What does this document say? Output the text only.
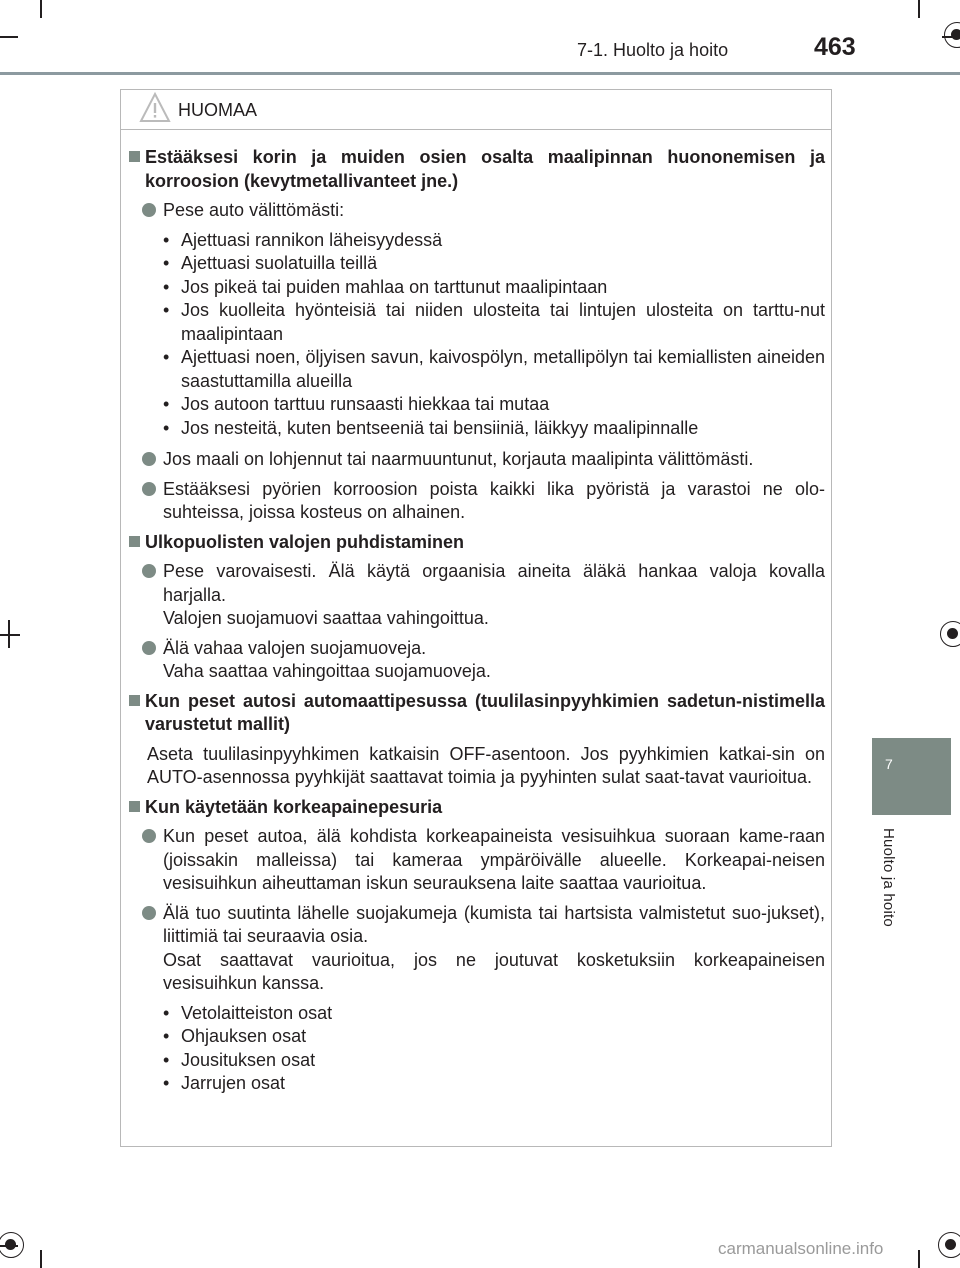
7-1. Huolto ja hoito	463
7
Huolto ja hoito
HUOMAA
Estääksesi korin ja muiden osien osalta maalipinnan huononemisen ja korroosion (kevytmetallivanteet jne.)
Pese auto välittömästi:
• Ajettuasi rannikon läheisyydessä
• Ajettuasi suolatuilla teillä
• Jos pikeä tai puiden mahlaa on tarttunut maalipintaan
• Jos kuolleita hyönteisiä tai niiden ulosteita tai lintujen ulosteita on tarttu-nut maalipintaan
• Ajettuasi noen, öljyisen savun, kaivospölyn, metallipölyn tai kemiallisten aineiden saastuttamilla alueilla
• Jos autoon tarttuu runsaasti hiekkaa tai mutaa
• Jos nesteitä, kuten bentseeniä tai bensiiniä, läikkyy maalipinnalle
Jos maali on lohjennut tai naarmuuntunut, korjauta maalipinta välittömästi.
Estääksesi pyörien korroosion poista kaikki lika pyöristä ja varastoi ne olo-suhteissa, joissa kosteus on alhainen.
Ulkopuolisten valojen puhdistaminen
Pese varovaisesti. Älä käytä orgaanisia aineita äläkä hankaa valoja kovalla harjalla.
Valojen suojamuovi saattaa vahingoittua.
Älä vahaa valojen suojamuoveja.
Vaha saattaa vahingoittaa suojamuoveja.
Kun peset autosi automaattipesussa (tuulilasinpyyhkimien sadetun-nistimella varustetut mallit)
Aseta tuulilasinpyyhkimen katkaisin OFF-asentoon. Jos pyyhkimien katkai-sin on AUTO-asennossa pyyhkijät saattavat toimia ja pyyhinten sulat saat-tavat vaurioitua.
Kun käytetään korkeapainepesuria
Kun peset autoa, älä kohdista korkeapaineista vesisuihkua suoraan kame-raan (joissakin malleissa) tai kameraa ympäröivälle alueelle. Korkeapai-neisen vesisuihkun aiheuttaman iskun seurauksena laite saattaa vaurioitua.
Älä tuo suutinta lähelle suojakumeja (kumista tai hartsista valmistetut suo-jukset), liittimiä tai seuraavia osia.
Osat saattavat vaurioitua, jos ne joutuvat kosketuksiin korkeapaineisen vesisuihkun kanssa.
• Vetolaitteiston osat
• Ohjauksen osat
• Jousituksen osat
• Jarrujen osat
carmanualsonline.info
